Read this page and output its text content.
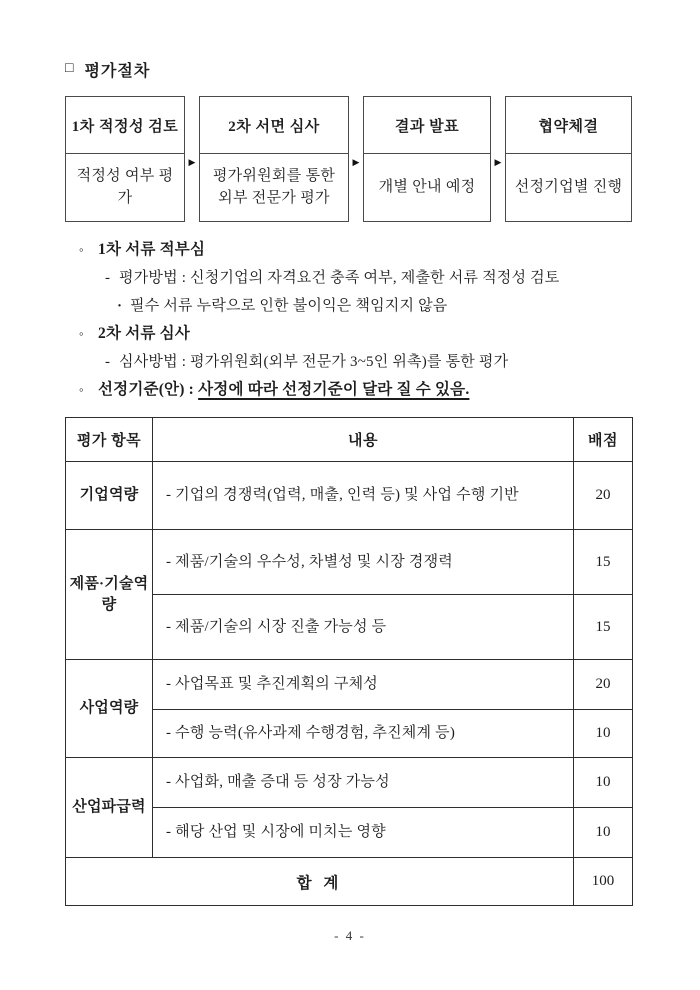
□ 평가절차
1차 적정성 검토
적정성 여부 평가
▶
2차 서면 심사
평가위원회를 통한 외부 전문가 평가
▶
결과 발표
개별 안내 예정
▶
협약체결
선정기업별 진행
◦ 1차 서류 적부심
- 평가방법 : 신청기업의 자격요건 충족 여부, 제출한 서류 적정성 검토
· 필수 서류 누락으로 인한 불이익은 책임지지 않음
◦ 2차 서류 심사
- 심사방법 : 평가위원회(외부 전문가 3~5인 위촉)를 통한 평가
◦ 선정기준(안) : 사정에 따라 선정기준이 달라 질 수 있음.
평가 항목	내용	배점
기업역량	- 기업의 경쟁력(업력, 매출, 인력 등) 및 사업 수행 기반	20
제품·기술역량	- 제품/기술의 우수성, 차별성 및 시장 경쟁력	15
	- 제품/기술의 시장 진출 가능성 등	15
사업역량	- 사업목표 및 추진계획의 구체성	20
	- 수행 능력(유사과제 수행경험, 추진체계 등)	10
산업파급력	- 사업화, 매출 증대 등 성장 가능성	10
	- 해당 산업 및 시장에 미치는 영향	10
합 계		100
- 4 -
